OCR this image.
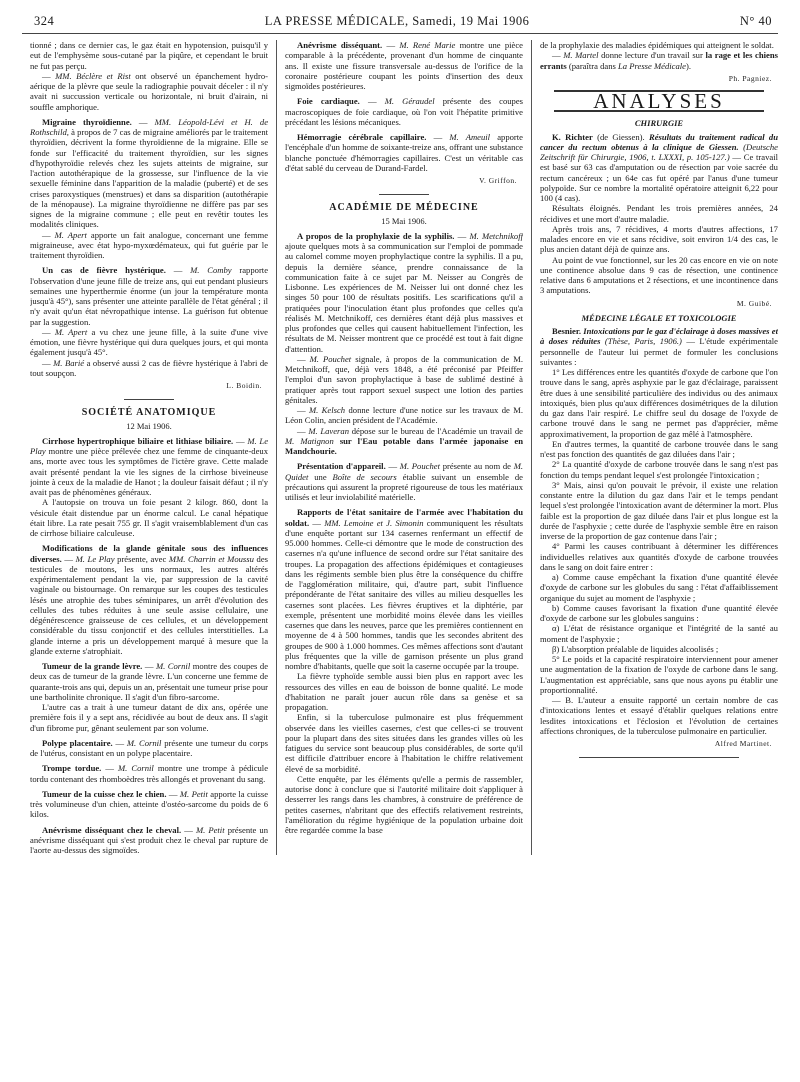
324	LA PRESSE MÉDICALE, Samedi, 19 Mai 1906	N° 40

tionné ; dans ce dernier cas, le gaz était en hypotension, puisqu'il y eut de l'emphysème sous-cutané par la piqûre, et cependant le bruit ne fut pas perçu.

— MM. Béclère et Rist ont observé un épanchement hydro-aérique de la plèvre que seule la radiographie pouvait déceler : il n'y avait ni succussion verticale ou horizontale, ni bruit d'airain, ni souffle amphorique.

Migraine thyroïdienne. — MM. Léopold-Lévi et H. de Rothschild, à propos de 7 cas de migraine améliorés par le traitement thyroïdien, décrivent la forme thyroïdienne de la migraine. Elle se fonde sur l'efficacité du traitement thyroïdien, sur les signes d'hypothyroïdie relevés chez les sujets atteints de migraine, sur l'action autothérapique de la grossesse, sur l'influence de la vie sexuelle féminine dans l'apparition de la maladie (puberté) et de ses crises paroxystiques (menstrues) et dans sa disparition (autothérapie de la ménopause). La migraine thyroïdienne ne diffère pas par ses signes de la migraine commune ; elle peut en revêtir toutes les modalités cliniques.

— M. Apert apporte un fait analogue, concernant une femme migraineuse, avec état hypo-myxœdémateux, qui fut guérie par le traitement thyroïdien.

Un cas de fièvre hystérique. — M. Comby rapporte l'observation d'une jeune fille de treize ans, qui eut pendant plusieurs semaines une hyperthermie énorme (un jour la température monta jusqu'à 45°), sans présenter une atteinte parallèle de l'état général ; il n'y avait qu'un état névropathique intense. La guérison fut obtenue par la suggestion.

— M. Apert a vu chez une jeune fille, à la suite d'une vive émotion, une fièvre hystérique qui dura quelques jours, et qui monta également jusqu'à 45°.

— M. Barié a observé aussi 2 cas de fièvre hystérique à l'abri de tout soupçon.

L. Boidin.
SOCIÉTÉ ANATOMIQUE
12 Mai 1906.

Cirrhose hypertrophique biliaire et lithiase biliaire. — M. Le Play montre une pièce prélevée chez une femme de cinquante-deux ans, morte avec tous les symptômes de l'ictère grave. Cette malade avait présenté pendant la vie les signes de la cirrhose biveineuse jointe à ceux de la maladie de Hanot ; la douleur faisait défaut ; il n'y avait pas de phénomènes généraux.

A l'autopsie on trouva un foie pesant 2 kilogr. 860, dont la vésicule était distendue par un énorme calcul. Le canal hépatique était libre. La rate pesait 755 gr. Il s'agit vraisemblablement d'un cas de cirrhose biliaire calculeuse.

Modifications de la glande génitale sous des influences diverses. — M. Le Play présente, avec MM. Charrin et Moussu des testicules de moutons, les uns normaux, les autres altérés expérimentalement pendant la vie, par suppression de la cavité vaginale ou bistournage. On remarque sur les coupes des testicules lésés une atrophie des tubes séminipares, un arrêt d'évolution des cellules des tubes réduites à une seule assise cellulaire, une dégénérescence graisseuse de ces cellules, et un développement considérable du tissu conjonctif et des cellules interstitielles. La glande interne a pris un développement marqué à mesure que la glande externe s'atrophiait.

Tumeur de la grande lèvre. — M. Cornil montre des coupes de deux cas de tumeur de la grande lèvre. L'un concerne une femme de quarante-trois ans qui, depuis un an, présentait une tumeur prise pour une bartholinite chronique. Il s'agit d'un fibro-sarcome.

L'autre cas a trait à une tumeur datant de dix ans, opérée une première fois il y a sept ans, récidivée au bout de deux ans. Il s'agit d'un fibrome pur, gênant seulement par son volume.

Polype placentaire. — M. Cornil présente une tumeur du corps de l'utérus, consistant en un polype placentaire.

Trompe tordue. — M. Cornil montre une trompe à pédicule tordu contenant des rhomboèdres très allongés et provenant du sang.

Tumeur de la cuisse chez le chien. — M. Petit apporte la cuisse très volumineuse d'un chien, atteinte d'ostéo-sarcome du poids de 6 kilos.

Anévrisme disséquant chez le cheval. — M. Petit présente un anévrisme disséquant qui s'est produit chez le cheval par rupture de l'aorte au-dessus des sigmoïdes.

Anévrisme disséquant. — M. René Marie montre une pièce comparable à la précédente, provenant d'un homme de cinquante ans. Il existe une fissure transversale au-dessus de l'orifice de la coronaire postérieure coupant les points d'insertion des deux sigmoïdes postérieures.

Foie cardiaque. — M. Géraudel présente des coupes macroscopiques de foie cardiaque, où l'on voit l'hépatite primitive précédant les lésions mécaniques.

Hémorragie cérébrale capillaire. — M. Ameuil apporte l'encéphale d'un homme de soixante-treize ans, offrant une substance blanche ponctuée d'hémorragies capillaires. C'est un véritable cas d'état sablé du cerveau de Durand-Fardel.

V. Griffon.
ACADÉMIE DE MÉDECINE
15 Mai 1906.

A propos de la prophylaxie de la syphilis. — M. Metchnikoff ajoute quelques mots à sa communication sur l'emploi de pommade au calomel comme moyen prophylactique contre la syphilis. Il a pu, depuis la dernière séance, prendre connaissance de la communication faite à ce sujet par M. Neisser au Congrès de Lisbonne. Les expériences de M. Neisser lui ont donné chez les singes 50 pour 100 de résultats positifs. Les scarifications qu'il a pratiquées pour l'inoculation étant plus profondes que celles qu'a réalisés M. Metchnikoff, ces dernières étant déjà plus massives et plus profondes que celles qui causent habituellement l'infection, les résultats de M. Neisser montrent que ce procédé est tout à fait digne d'attention.

— M. Pouchet signale, à propos de la communication de M. Metchnikoff, que, déjà vers 1848, a été préconisé par Pfeiffer l'emploi d'un savon prophylactique à base de sublimé destiné à pratiquer après tout rapport sexuel suspect une lotion des parties génitales.

— M. Kelsch donne lecture d'une notice sur les travaux de M. Léon Colin, ancien président de l'Académie.

— M. Laveran dépose sur le bureau de l'Académie un travail de M. Matignon sur l'Eau potable dans l'armée japonaise en Mandchourie.

Présentation d'appareil. — M. Pouchet présente au nom de M. Quidet une Boîte de secours établie suivant un ensemble de précautions qui assurent la propreté rigoureuse de tous les matériaux utilisés et leur inviolabilité matérielle.

Rapports de l'état sanitaire de l'armée avec l'habitation du soldat. — MM. Lemoine et J. Simonin communiquent les résultats d'une enquête portant sur 134 casernes renfermant un effectif de 95.000 hommes. Celle-ci démontre que le mode de construction des casernes n'a qu'une influence de second ordre sur l'état sanitaire des troupes. La propagation des affections épidémiques et contagieuses dans les régiments semble bien plus être la conséquence du chiffre de l'agglomération militaire, qui, d'autre part, subit l'influence prépondérante de l'état sanitaire des villes au milieu desquelles les casernes sont placées. Les fièvres éruptives et la diphtérie, par exemple, présentent une morbidité moins élevée dans les vieilles casernes que dans les neuves, parce que les premières contiennent en moyenne de 4 à 500 hommes, tandis que les secondes abritent des groupes de 900 à 1.000 hommes. Ces mêmes affections sont d'autant plus fréquentes que la ville de garnison présente un plus grand nombre d'habitants, quelle que soit la caserne occupée par la troupe.

La fièvre typhoïde semble aussi bien plus en rapport avec les ressources des villes en eau de boisson de bonne qualité. Le mode d'habitation ne paraît jouer aucun rôle dans sa genèse et sa propagation.

Enfin, si la tuberculose pulmonaire est plus fréquemment observée dans les vieilles casernes, c'est que celles-ci se trouvent pour la plupart dans des sites situées dans les grandes villes où les fatigues du service sont beaucoup plus considérables, de sorte qu'il est difficile d'attribuer encore à l'habitation le chiffre relativement élevé de sa morbidité.

Cette enquête, par les éléments qu'elle a permis de rassembler, autorise donc à conclure que si l'autorité militaire doit s'appliquer à desserrer les rangs dans les chambres, à construire de préférence de petites casernes, n'abritant que des effectifs relativement restreints, l'amélioration du régime hygiénique de la population urbaine doit être regardée comme la base

de la prophylaxie des maladies épidémiques qui atteignent le soldat.

— M. Martel donne lecture d'un travail sur la rage et les chiens errants (paraîtra dans La Presse Médicale).

Ph. Pagniez.
ANALYSES
CHIRURGIE

K. Richter (de Giessen). Résultats du traitement radical du cancer du rectum obtenus à la clinique de Giessen. (Deutsche Zeitschrift für Chirurgie, 1906, t. LXXXI, p. 105-127.) — Ce travail est basé sur 63 cas d'amputation ou de résection par voie sacrée du rectum cancéreux ; un 64e cas fut opéré par l'anus d'une tumeur polypoïde. Sur ce nombre la mortalité opératoire atteignit 6,22 pour 100 (4 cas).

Résultats éloignés. Pendant les trois premières années, 24 récidives et une mort d'autre maladie.

Après trois ans, 7 récidives, 4 morts d'autres affections, 17 malades encore en vie et sans récidive, soit environ 1/4 des cas, le plus ancien datant déjà de quinze ans.

Au point de vue fonctionnel, sur les 20 cas encore en vie on note une continence absolue dans 9 cas de résection, une continence relative dans 6 amputations et 2 résections, et une incontinence dans 3 amputations.

M. Guibé.
MÉDECINE LÉGALE ET TOXICOLOGIE

Besnier. Intoxications par le gaz d'éclairage à doses massives et à doses réduites (Thèse, Paris, 1906.) — L'étude expérimentale personnelle de l'auteur lui permet de formuler les conclusions suivantes :

1° Les différences entre les quantités d'oxyde de carbone que l'on trouve dans le sang, après asphyxie par le gaz d'éclairage, paraissent être dues à une sensibilité particulière des individus ou des animaux intoxiqués, bien plus qu'aux différences dosimétriques de la dilution du gaz dans l'air respiré. Le chiffre seul du dosage de l'oxyde de carbone trouvé dans le sang ne permet pas d'apprécier, même approximativement, la proportion de gaz mêlé à l'atmosphère.

En d'autres termes, la quantité de carbone trouvée dans le sang n'est pas fonction des quantités de gaz diluées dans l'air ;

2° La quantité d'oxyde de carbone trouvée dans le sang n'est pas fonction du temps pendant lequel s'est prolongée l'intoxication ;

3° Mais, ainsi qu'on pouvait le prévoir, il existe une relation constante entre la dilution du gaz dans l'air et le temps pendant lequel s'est prolongée l'intoxication avant de déterminer la mort. Plus faible est la proportion de gaz diluée dans l'air et plus longue est la durée de l'asphyxie ; cette durée de l'asphyxie semble être en raison inverse de la proportion de gaz contenue dans l'air ;

4° Parmi les causes contribuant à déterminer les différences individuelles relatives aux quantités d'oxyde de carbone trouvées dans le sang on doit faire entrer :

a) Comme cause empêchant la fixation d'une quantité élevée d'oxyde de carbone sur les globules du sang : l'état d'affaiblissement organique du sujet au moment de l'asphyxie ;

b) Comme causes favorisant la fixation d'une quantité élevée d'oxyde de carbone sur les globules sanguins :

α) L'état de résistance organique et l'intégrité de la santé au moment de l'asphyxie ;

β) L'absorption préalable de liquides alcoolisés ;

5° Le poids et la capacité respiratoire interviennent pour amener une augmentation de la fixation de l'oxyde de carbone dans le sang. L'augmentation est appréciable, sans que nous ayons pu établir une proportionnalité.

— B. L'auteur a ensuite rapporté un certain nombre de cas d'intoxications lentes et essayé d'établir quelques relations entre lesdites intoxications et l'éclosion et l'évolution de certaines affections chroniques, de la tuberculose pulmonaire en particulier.

Alfred Martinet.
